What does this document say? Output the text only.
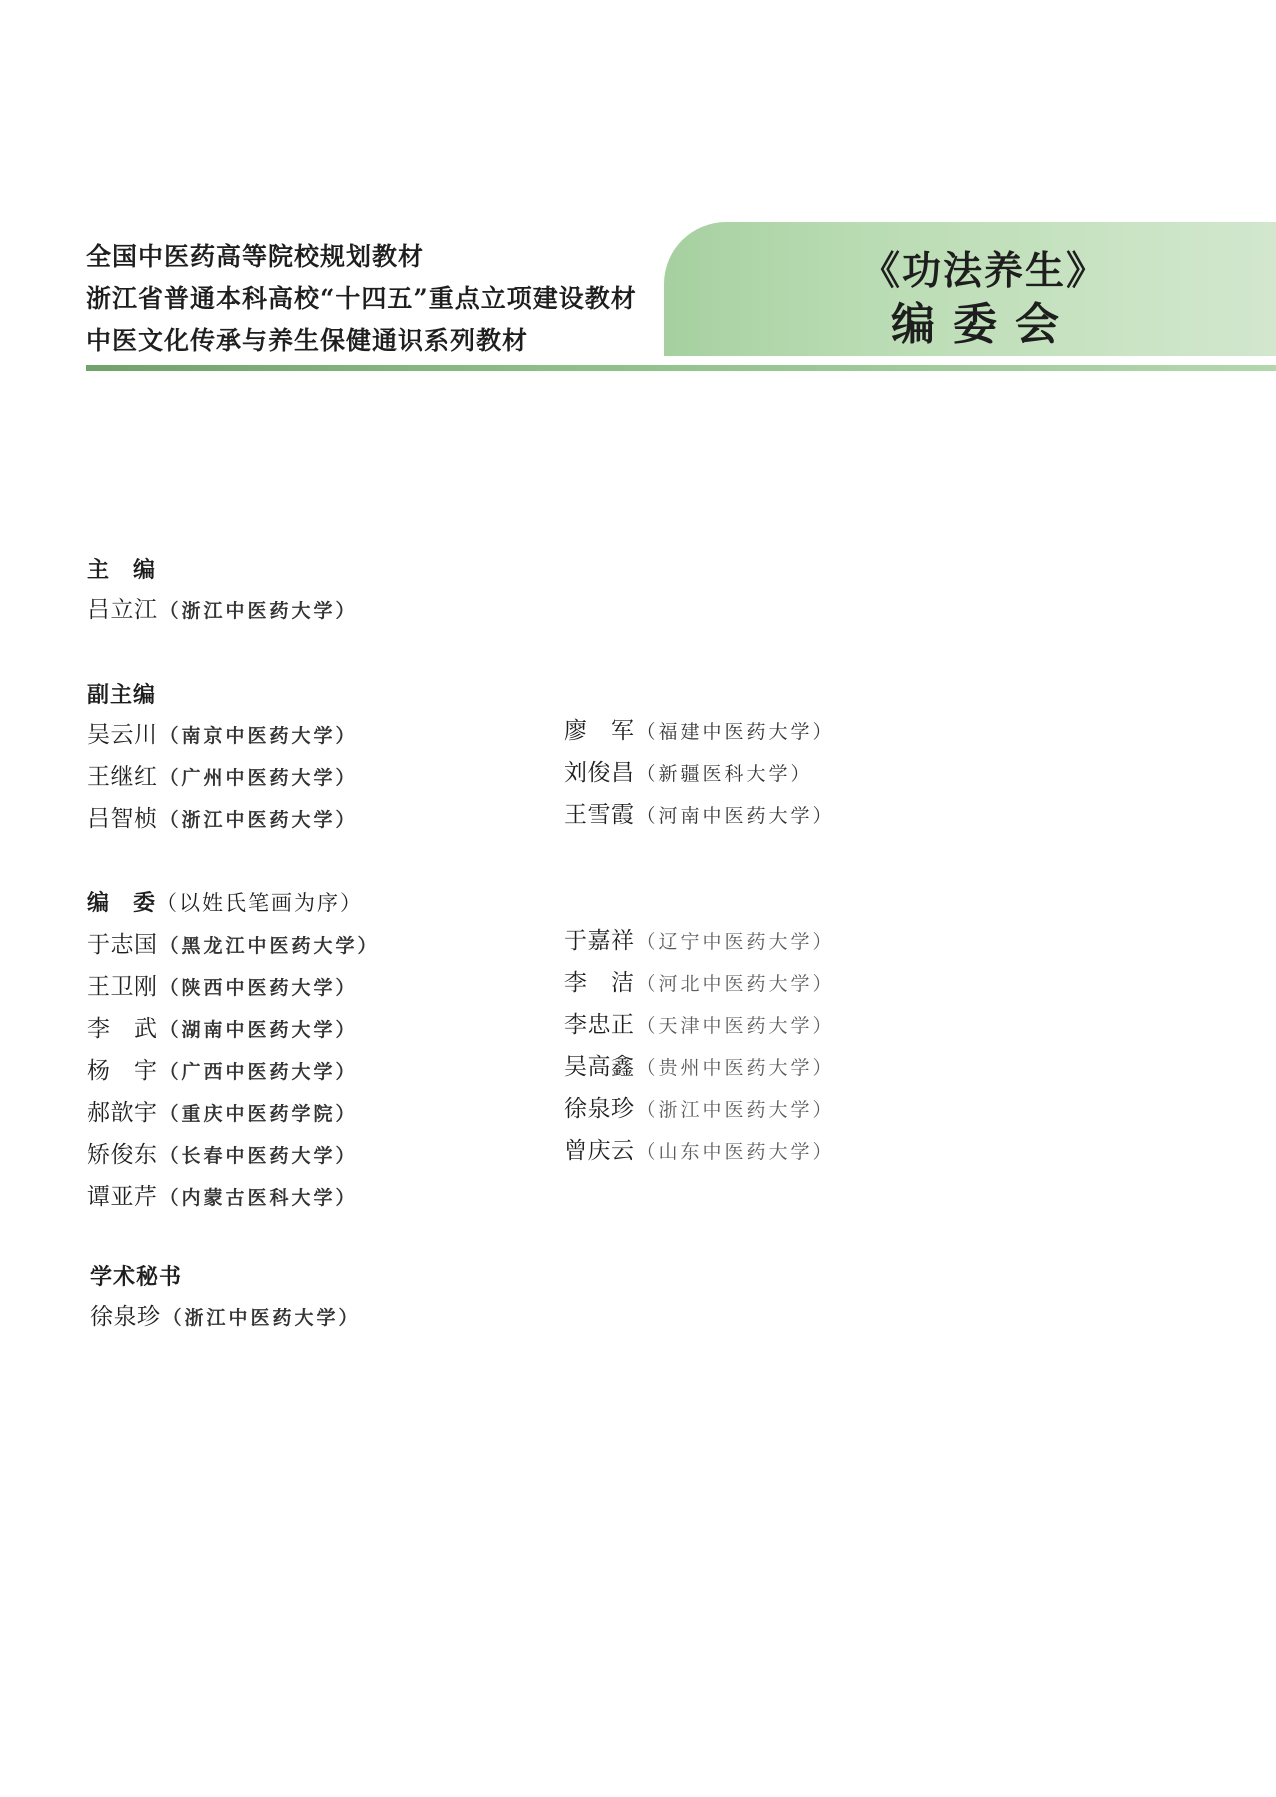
全国中医药高等院校规划教材
浙江省普通本科高校“十四五”重点立项建设教材
中医文化传承与养生保健通识系列教材
《功法养生》
编委会
主　编
吕立江 （浙江中医药大学）
副主编
吴云川 （南京中医药大学）
王继红 （广州中医药大学）
吕智桢 （浙江中医药大学）
廖　军 （福建中医药大学）
刘俊昌 （新疆医科大学）
王雪霞 （河南中医药大学）
编　委（以姓氏笔画为序）
于志国 （黑龙江中医药大学）
王卫刚 （陕西中医药大学）
李　武 （湖南中医药大学）
杨　宇 （广西中医药大学）
郝歆宇 （重庆中医药学院）
矫俊东 （长春中医药大学）
谭亚芹 （内蒙古医科大学）
于嘉祥 （辽宁中医药大学）
李　洁 （河北中医药大学）
李忠正 （天津中医药大学）
吴高鑫 （贵州中医药大学）
徐泉珍 （浙江中医药大学）
曾庆云 （山东中医药大学）
学术秘书
徐泉珍 （浙江中医药大学）
